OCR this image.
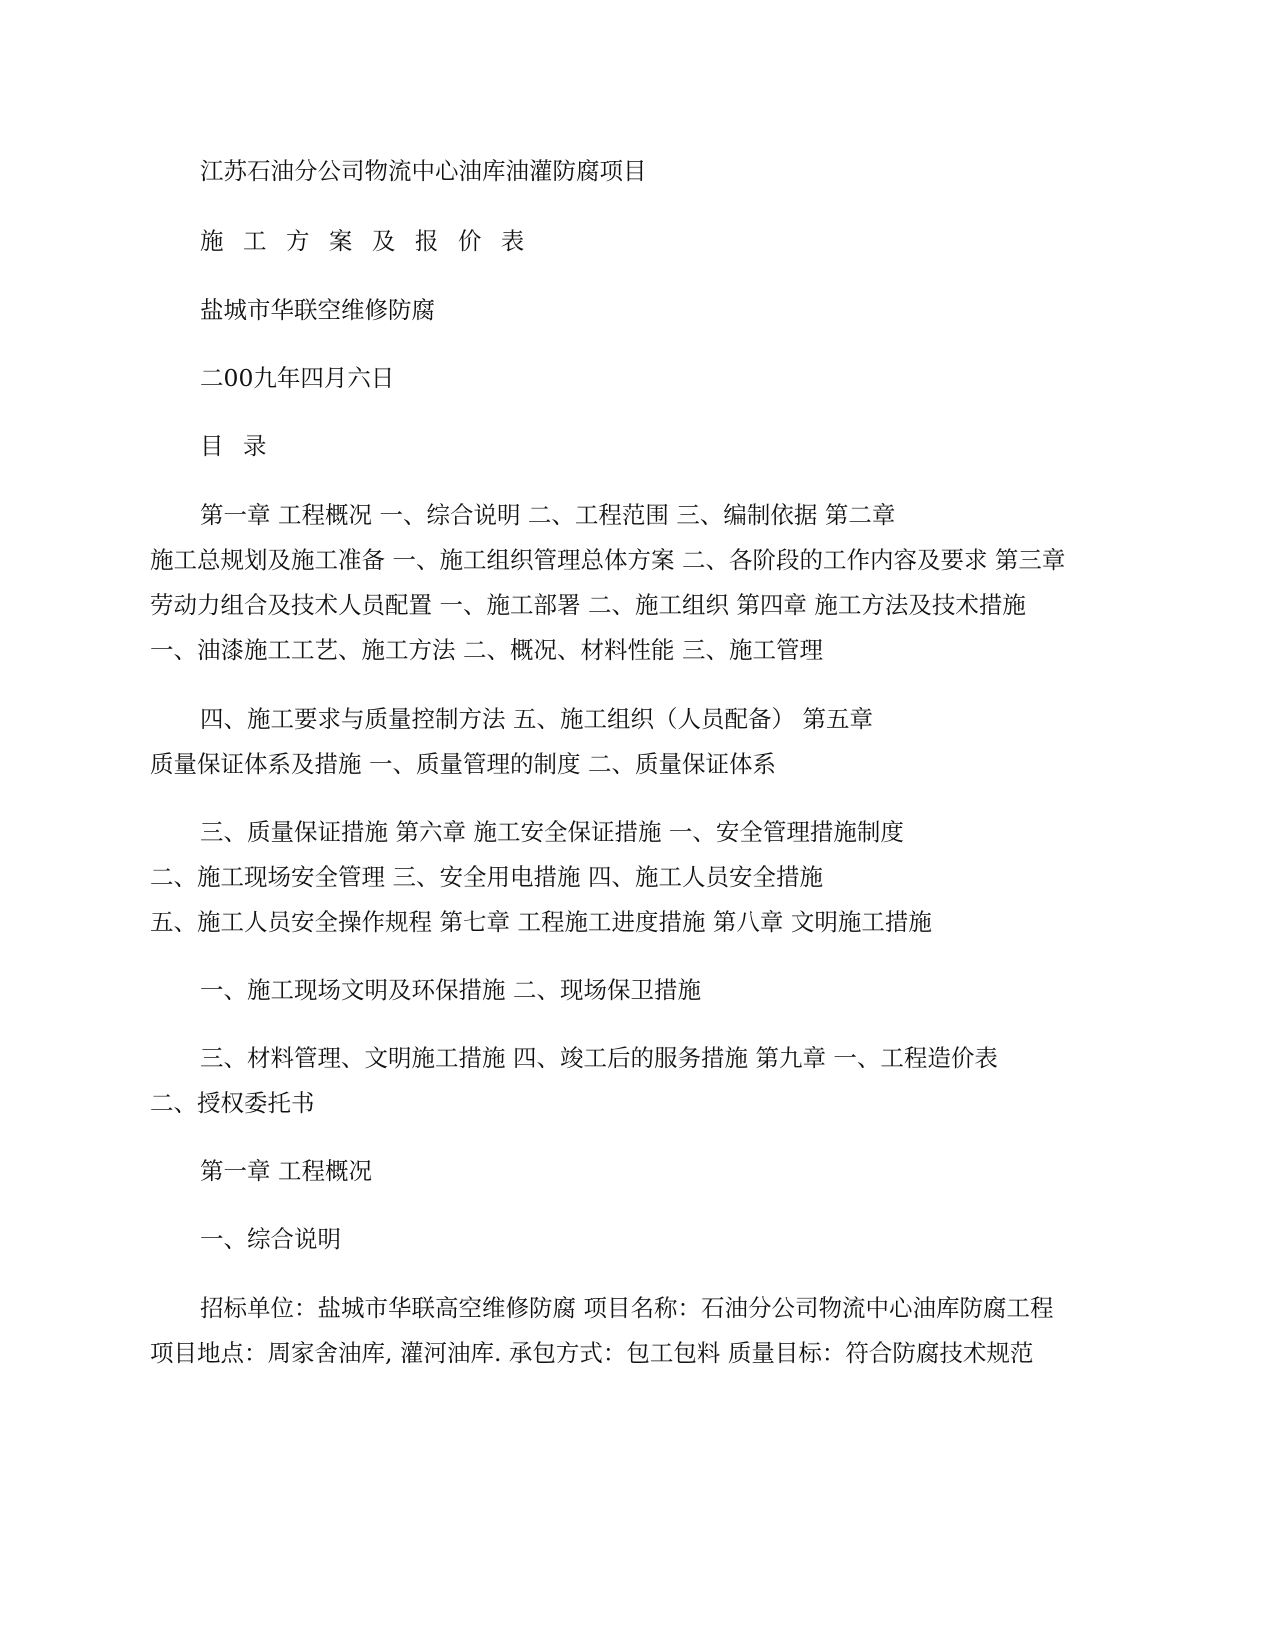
江苏石油分公司物流中心油库油灌防腐项目
施 工 方 案 及 报 价 表
盐城市华联空维修防腐
二00九年四月六日
目 录
第一章 工程概况 一、综合说明 二、工程范围 三、编制依据 第二章
施工总规划及施工准备 一、施工组织管理总体方案 二、各阶段的工作内容及要求 第三章
劳动力组合及技术人员配置 一、施工部署 二、施工组织 第四章 施工方法及技术措施
一、油漆施工工艺、施工方法 二、概况、材料性能 三、施工管理
四、施工要求与质量控制方法 五、施工组织（人员配备） 第五章
质量保证体系及措施 一、质量管理的制度 二、质量保证体系
三、质量保证措施 第六章 施工安全保证措施 一、安全管理措施制度
二、施工现场安全管理 三、安全用电措施 四、施工人员安全措施
五、施工人员安全操作规程 第七章 工程施工进度措施 第八章 文明施工措施
一、施工现场文明及环保措施 二、现场保卫措施
三、材料管理、文明施工措施 四、竣工后的服务措施 第九章 一、工程造价表
二、授权委托书
第一章 工程概况
一、综合说明
招标单位：盐城市华联高空维修防腐 项目名称：石油分公司物流中心油库防腐工程
项目地点：周家舍油库, 灌河油库. 承包方式：包工包料 质量目标：符合防腐技术规范
